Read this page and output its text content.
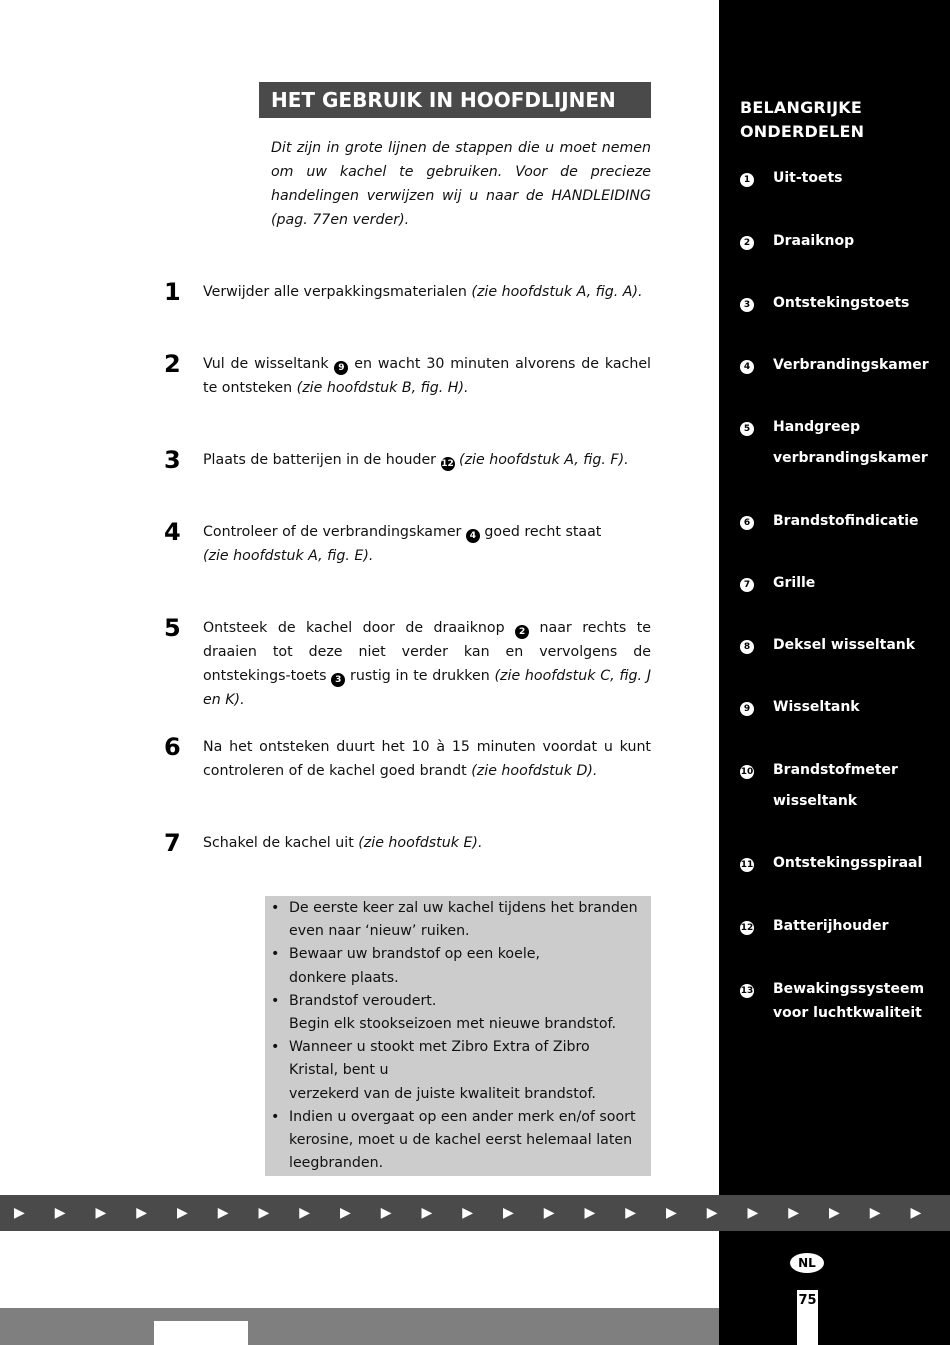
HET GEBRUIK IN HOOFDLIJNEN
Dit zijn in grote lijnen de stappen die u moet nemen om uw kachel te gebruiken. Voor de precieze handelingen verwijzen wij u naar de HANDLEIDING (pag. 77en verder).
1 Verwijder alle verpakkingsmaterialen (zie hoofdstuk A, fig. A).
2 Vul de wisseltank 9 en wacht 30 minuten alvorens de kachel te ontsteken (zie hoofdstuk B, fig. H).
3 Plaats de batterijen in de houder 12 (zie hoofdstuk A, fig. F).
4 Controleer of de verbrandingskamer 4 goed recht staat
(zie hoofdstuk A, fig. E).
5 Ontsteek de kachel door de draaiknop 2 naar rechts te draaien tot deze niet verder kan en vervolgens de ontstekings-toets 3 rustig in te drukken (zie hoofdstuk C, fig. J en K).
6 Na het ontsteken duurt het 10 à 15 minuten voordat u kunt controleren of de kachel goed brandt (zie hoofdstuk D).
7 Schakel de kachel uit (zie hoofdstuk E).
• De eerste keer zal uw kachel tijdens het branden even naar ‘nieuw’ ruiken.
• Bewaar uw brandstof op een koele,
donkere plaats.
• Brandstof veroudert.
Begin elk stookseizoen met nieuwe brandstof.
• Wanneer u stookt met Zibro Extra of Zibro Kristal, bent u
verzekerd van de juiste kwaliteit brandstof.
• Indien u overgaat op een ander merk en/of soort kerosine, moet u de kachel eerst helemaal laten leegbranden.
BELANGRIJKE ONDERDELEN
1 Uit-toets
2 Draaiknop
3 Ontstekingstoets
4 Verbrandingskamer
5 Handgreep verbrandingskamer
6 Brandstofindicatie
7 Grille
8 Deksel wisseltank
9 Wisseltank
10 Brandstofmeter wisseltank
11 Ontstekingsspiraal
12 Batterijhouder
13 Bewakingssysteem voor luchtkwaliteit
▶	▶	▶	▶	▶	▶	▶	▶	▶	▶	▶	▶	▶	▶	▶	▶	▶	▶	▶	▶	▶	▶	▶
NL
75
